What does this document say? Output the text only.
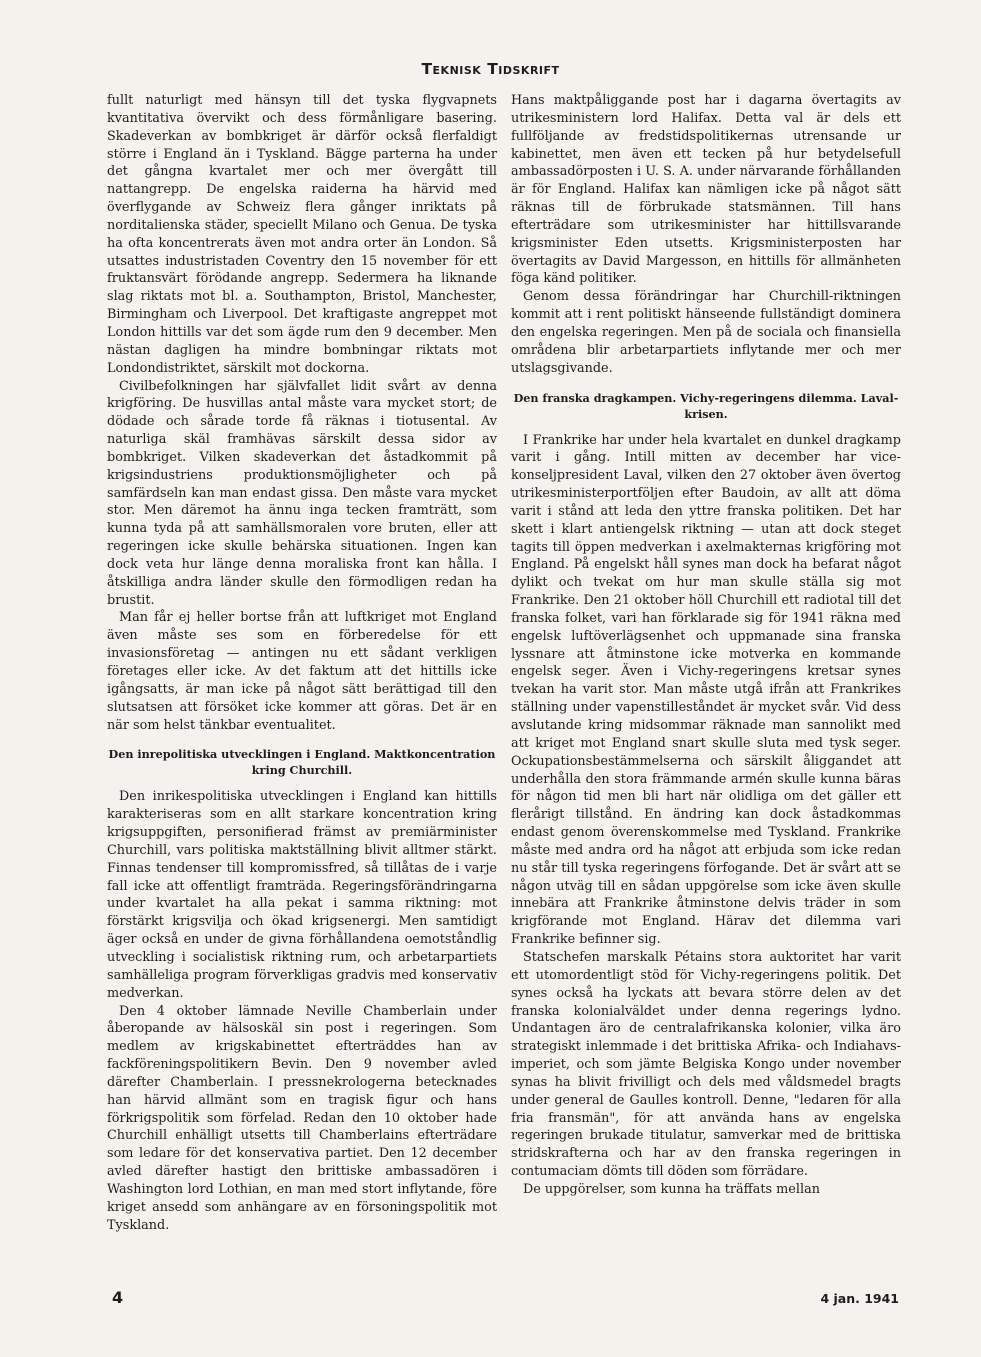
Teknisk Tidskrift

fullt naturligt med hänsyn till det tyska flygvapnets kvantitativa övervikt och dess förmånligare basering. Skadeverkan av bombkriget är därför också flerfaldigt större i England än i Tyskland. Bägge parterna ha under det gångna kvartalet mer och mer övergått till nattangrepp. De engelska raiderna ha härvid med överflygande av Schweiz flera gånger inriktats på norditalienska städer, speciellt Milano och Genua. De tyska ha ofta koncentrerats även mot andra orter än London. Så utsattes industristaden Coventry den 15 november för ett fruktansvärt förödande angrepp. Sedermera ha liknande slag riktats mot bl. a. Southampton, Bristol, Manchester, Birmingham och Liverpool. Det kraftigaste angreppet mot London hittills var det som ägde rum den 9 december. Men nästan dagligen ha mindre bombningar riktats mot Londondistriktet, särskilt mot dockorna.

Civilbefolkningen har självfallet lidit svårt av denna krigföring. De husvillas antal måste vara mycket stort; de dödade och sårade torde få räknas i tiotusental. Av naturliga skäl framhävas särskilt dessa sidor av bombkriget. Vilken skadeverkan det åstadkommit på krigsindustriens produktionsmöjligheter och på samfärdseln kan man endast gissa. Den måste vara mycket stor. Men däremot ha ännu inga tecken framträtt, som kunna tyda på att samhällsmoralen vore bruten, eller att regeringen icke skulle behärska situationen. Ingen kan dock veta hur länge denna moraliska front kan hålla. I åtskilliga andra länder skulle den förmodligen redan ha brustit.

Man får ej heller bortse från att luftkriget mot England även måste ses som en förberedelse för ett invasionsföretag — antingen nu ett sådant verkligen företages eller icke. Av det faktum att det hittills icke igångsatts, är man icke på något sätt berättigad till den slutsatsen att försöket icke kommer att göras. Det är en när som helst tänkbar eventualitet.

Den inrepolitiska utvecklingen i England. Maktkoncentration kring Churchill.

Den inrikespolitiska utvecklingen i England kan hittills karakteriseras som en allt starkare koncentration kring krigsuppgiften, personifierad främst av premiärminister Churchill, vars politiska maktställning blivit alltmer stärkt. Finnas tendenser till kompromissfred, så tillåtas de i varje fall icke att offentligt framträda. Regeringsförändringarna under kvartalet ha alla pekat i samma riktning: mot förstärkt krigsvilja och ökad krigsenergi. Men samtidigt äger också en under de givna förhållandena oemotståndlig utveckling i socialistisk riktning rum, och arbetarpartiets samhälleliga program förverkligas gradvis med konservativ medverkan.

Den 4 oktober lämnade Neville Chamberlain under åberopande av hälsoskäl sin post i regeringen. Som medlem av krigskabinettet efterträddes han av fackföreningspolitikern Bevin. Den 9 november avled därefter Chamberlain. I pressnekrologerna betecknades han härvid allmänt som en tragisk figur och hans förkrigspolitik som förfelad. Redan den 10 oktober hade Churchill enhälligt utsetts till Chamberlains efterträdare som ledare för det konservativa partiet. Den 12 december avled därefter hastigt den brittiske ambassadören i Washington lord Lothian, en man med stort inflytande, före kriget ansedd som anhängare av en försoningspolitik mot Tyskland.

Hans maktpåliggande post har i dagarna övertagits av utrikesministern lord Halifax. Detta val är dels ett fullföljande av fredstidspolitikernas utrensande ur kabinettet, men även ett tecken på hur betydelsefull ambassadörposten i U. S. A. under närvarande förhållanden är för England. Halifax kan nämligen icke på något sätt räknas till de förbrukade statsmännen. Till hans efterträdare som utrikesminister har hittillsvarande krigsminister Eden utsetts. Krigsministerposten har övertagits av David Margesson, en hittills för allmänheten föga känd politiker.

Genom dessa förändringar har Churchill-riktningen kommit att i rent politiskt hänseende fullständigt dominera den engelska regeringen. Men på de sociala och finansiella områdena blir arbetarpartiets inflytande mer och mer utslagsgivande.

Den franska dragkampen. Vichy-regeringens dilemma. Laval-krisen.

I Frankrike har under hela kvartalet en dunkel dragkamp varit i gång. Intill mitten av december har vice-konseljpresident Laval, vilken den 27 oktober även övertog utrikesministerportföljen efter Baudoin, av allt att döma varit i stånd att leda den yttre franska politiken. Det har skett i klart antiengelsk riktning — utan att dock steget tagits till öppen medverkan i axelmakternas krigföring mot England. På engelskt håll synes man dock ha befarat något dylikt och tvekat om hur man skulle ställa sig mot Frankrike. Den 21 oktober höll Churchill ett radiotal till det franska folket, vari han förklarade sig för 1941 räkna med engelsk luftöverlägsenhet och uppmanade sina franska lyssnare att åtminstone icke motverka en kommande engelsk seger. Även i Vichy-regeringens kretsar synes tvekan ha varit stor. Man måste utgå ifrån att Frankrikes ställning under vapenstilleståndet är mycket svår. Vid dess avslutande kring midsommar räknade man sannolikt med att kriget mot England snart skulle sluta med tysk seger. Ockupationsbestämmelserna och särskilt åliggandet att underhålla den stora främmande armén skulle kunna bäras för någon tid men bli hart när olidliga om det gäller ett flerårigt tillstånd. En ändring kan dock åstadkommas endast genom överenskommelse med Tyskland. Frankrike måste med andra ord ha något att erbjuda som icke redan nu står till tyska regeringens förfogande. Det är svårt att se någon utväg till en sådan uppgörelse som icke även skulle innebära att Frankrike åtminstone delvis träder in som krigförande mot England. Härav det dilemma vari Frankrike befinner sig.

Statschefen marskalk Pétains stora auktoritet har varit ett utomordentligt stöd för Vichy-regeringens politik. Det synes också ha lyckats att bevara större delen av det franska kolonialväldet under denna regerings lydno. Undantagen äro de centralafrikanska kolonier, vilka äro strategiskt inlemmade i det brittiska Afrika- och Indiahavs-imperiet, och som jämte Belgiska Kongo under november synas ha blivit frivilligt och dels med våldsmedel bragts under general de Gaulles kontroll. Denne, "ledaren för alla fria fransmän", för att använda hans av engelska regeringen brukade titulatur, samverkar med de brittiska stridskrafterna och har av den franska regeringen in contumaciam dömts till döden som förrädare.

De uppgörelser, som kunna ha träffats mellan

4	4 jan. 1941
